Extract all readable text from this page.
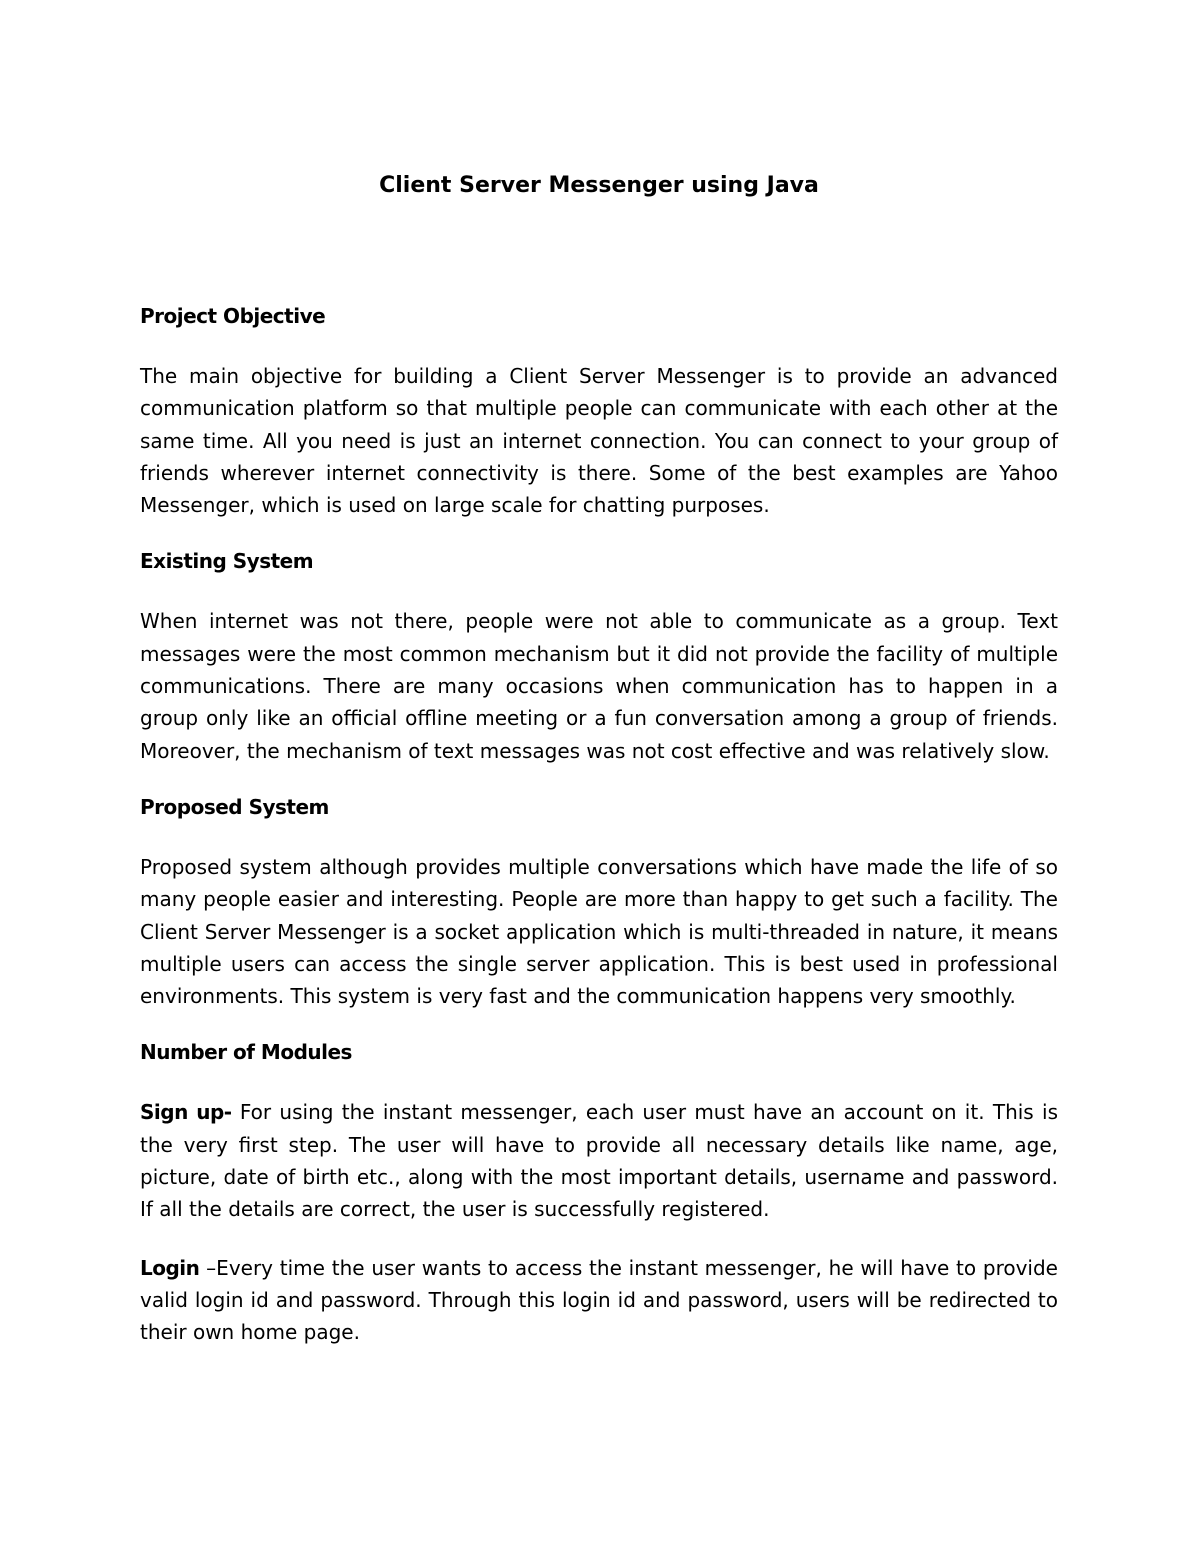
Client Server Messenger using Java
Project Objective

The main objective for building a Client Server Messenger is to provide an advanced communication platform so that multiple people can communicate with each other at the same time. All you need is just an internet connection. You can connect to your group of friends wherever internet connectivity is there. Some of the best examples are Yahoo Messenger, which is used on large scale for chatting purposes.

Existing System

When internet was not there, people were not able to communicate as a group. Text messages were the most common mechanism but it did not provide the facility of multiple communications. There are many occasions when communication has to happen in a group only like an official offline meeting or a fun conversation among a group of friends. Moreover, the mechanism of text messages was not cost effective and was relatively slow.

Proposed System

Proposed system although provides multiple conversations which have made the life of so many people easier and interesting. People are more than happy to get such a facility. The Client Server Messenger is a socket application which is multi-threaded in nature, it means multiple users can access the single server application. This is best used in professional environments. This system is very fast and the communication happens very smoothly.

Number of Modules

Sign up- For using the instant messenger, each user must have an account on it. This is the very first step. The user will have to provide all necessary details like name, age, picture, date of birth etc., along with the most important details, username and password. If all the details are correct, the user is successfully registered.

Login –Every time the user wants to access the instant messenger, he will have to provide valid login id and password. Through this login id and password, users will be redirected to their own home page.
